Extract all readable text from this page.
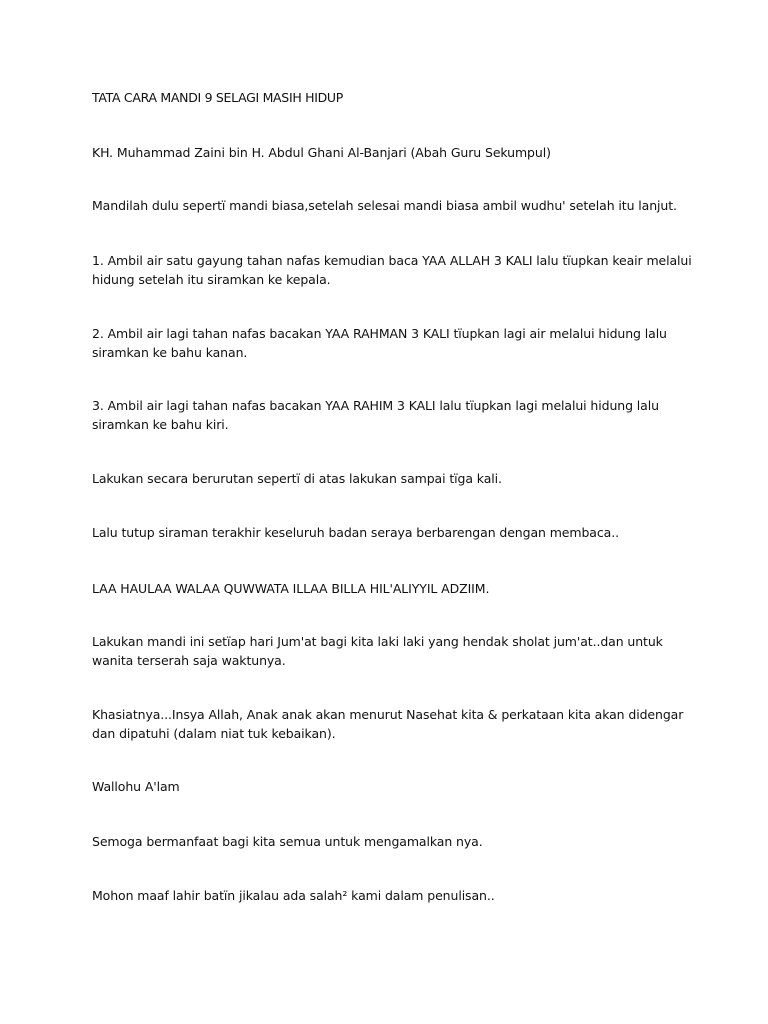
TATA CARA MANDI 9 SELAGI MASIH HIDUP

KH. Muhammad Zaini bin H. Abdul Ghani Al-Banjari (Abah Guru Sekumpul)

Mandilah dulu sepertï mandi biasa,setelah selesai mandi biasa ambil wudhu' setelah itu lanjut.

1. Ambil air satu gayung tahan nafas kemudian baca YAA ALLAH 3 KALI lalu tïupkan keair melalui hidung setelah itu siramkan ke kepala.

2. Ambil air lagi tahan nafas bacakan YAA RAHMAN 3 KALI tïupkan lagi air melalui hidung lalu siramkan ke bahu kanan.

3. Ambil air lagi tahan nafas bacakan YAA RAHIM 3 KALI lalu tïupkan lagi melalui hidung lalu siramkan ke bahu kiri.

Lakukan secara berurutan sepertï di atas lakukan sampai tïga kali.

Lalu tutup siraman terakhir keseluruh badan seraya berbarengan dengan membaca..

LAA HAULAA WALAA QUWWATA ILLAA BILLA HIL'ALIYYIL ADZIIM.

Lakukan mandi ini setïap hari Jum'at bagi kita laki laki yang hendak sholat jum'at..dan untuk wanita terserah saja waktunya.

Khasiatnya...Insya Allah, Anak anak akan menurut Nasehat kita & perkataan kita akan didengar dan dipatuhi (dalam niat tuk kebaikan).

Wallohu A'lam

Semoga bermanfaat bagi kita semua untuk mengamalkan nya.

Mohon maaf lahir batïn jikalau ada salah² kami dalam penulisan..
